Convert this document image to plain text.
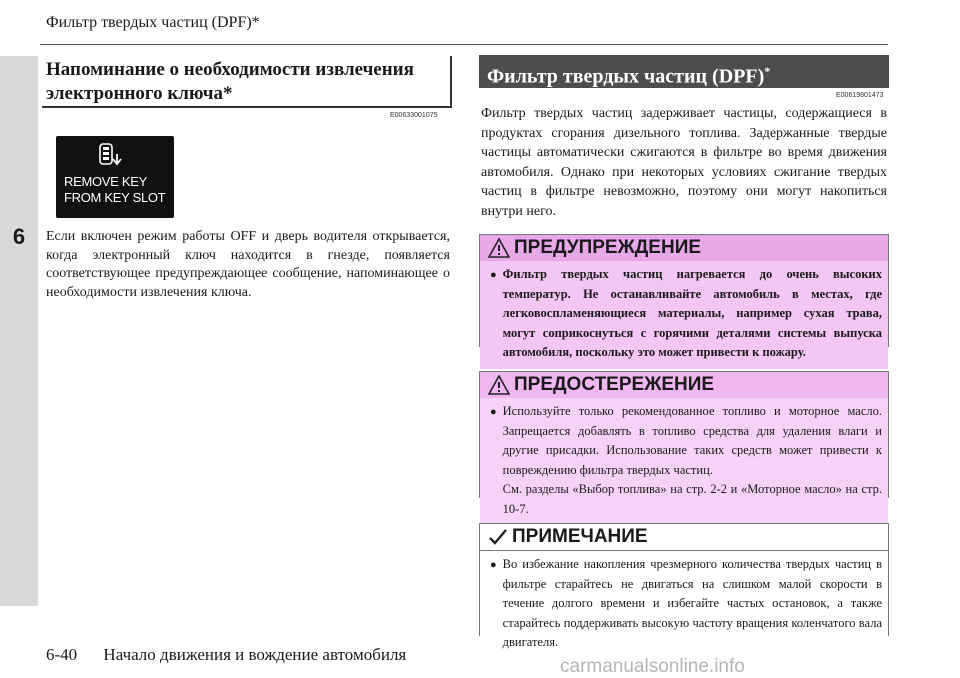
Фильтр твердых частиц (DPF)*
6
Напоминание о необходимости извлечения
электронного ключа*
E00633001075
REMOVE KEY
FROM KEY SLOT
Если включен режим работы OFF и дверь водителя открывается, когда электронный ключ находится в гнезде, появляется соответствующее предупреждающее сообщение, напоминающее о необходимости извлечения ключа.
Фильтр твердых частиц (DPF)*
E00619801473
Фильтр твердых частиц задерживает частицы, содержащиеся в продуктах сгорания дизельного топлива. Задержанные твердые частицы автоматически сжигаются в фильтре во время движения автомобиля. Однако при некоторых условиях сжигание твердых частиц в фильтре невозможно, поэтому они могут накопиться внутри него.
ПРЕДУПРЕЖДЕНИЕ
● Фильтр твердых частиц нагревается до очень высоких температур. Не останавливайте автомобиль в местах, где легковоспламеняющиеся материалы, например сухая трава, могут соприкоснуться с горячими деталями системы выпуска автомобиля, поскольку это может привести к пожару.
ПРЕДОСТЕРЕЖЕНИЕ
● Используйте только рекомендованное топливо и моторное масло. Запрещается добавлять в топливо средства для удаления влаги и другие присадки. Использование таких средств может привести к повреждению фильтра твердых частиц.
См. разделы «Выбор топлива» на стр. 2-2 и «Моторное масло» на стр. 10-7.
ПРИМЕЧАНИЕ
● Во избежание накопления чрезмерного количества твердых частиц в фильтре старайтесь не двигаться на слишком малой скорости в течение долгого времени и избегайте частых остановок, а также старайтесь поддерживать высокую частоту вращения коленчатого вала двигателя.
6-40 Начало движения и вождение автомобиля
carmanualsonline.info
